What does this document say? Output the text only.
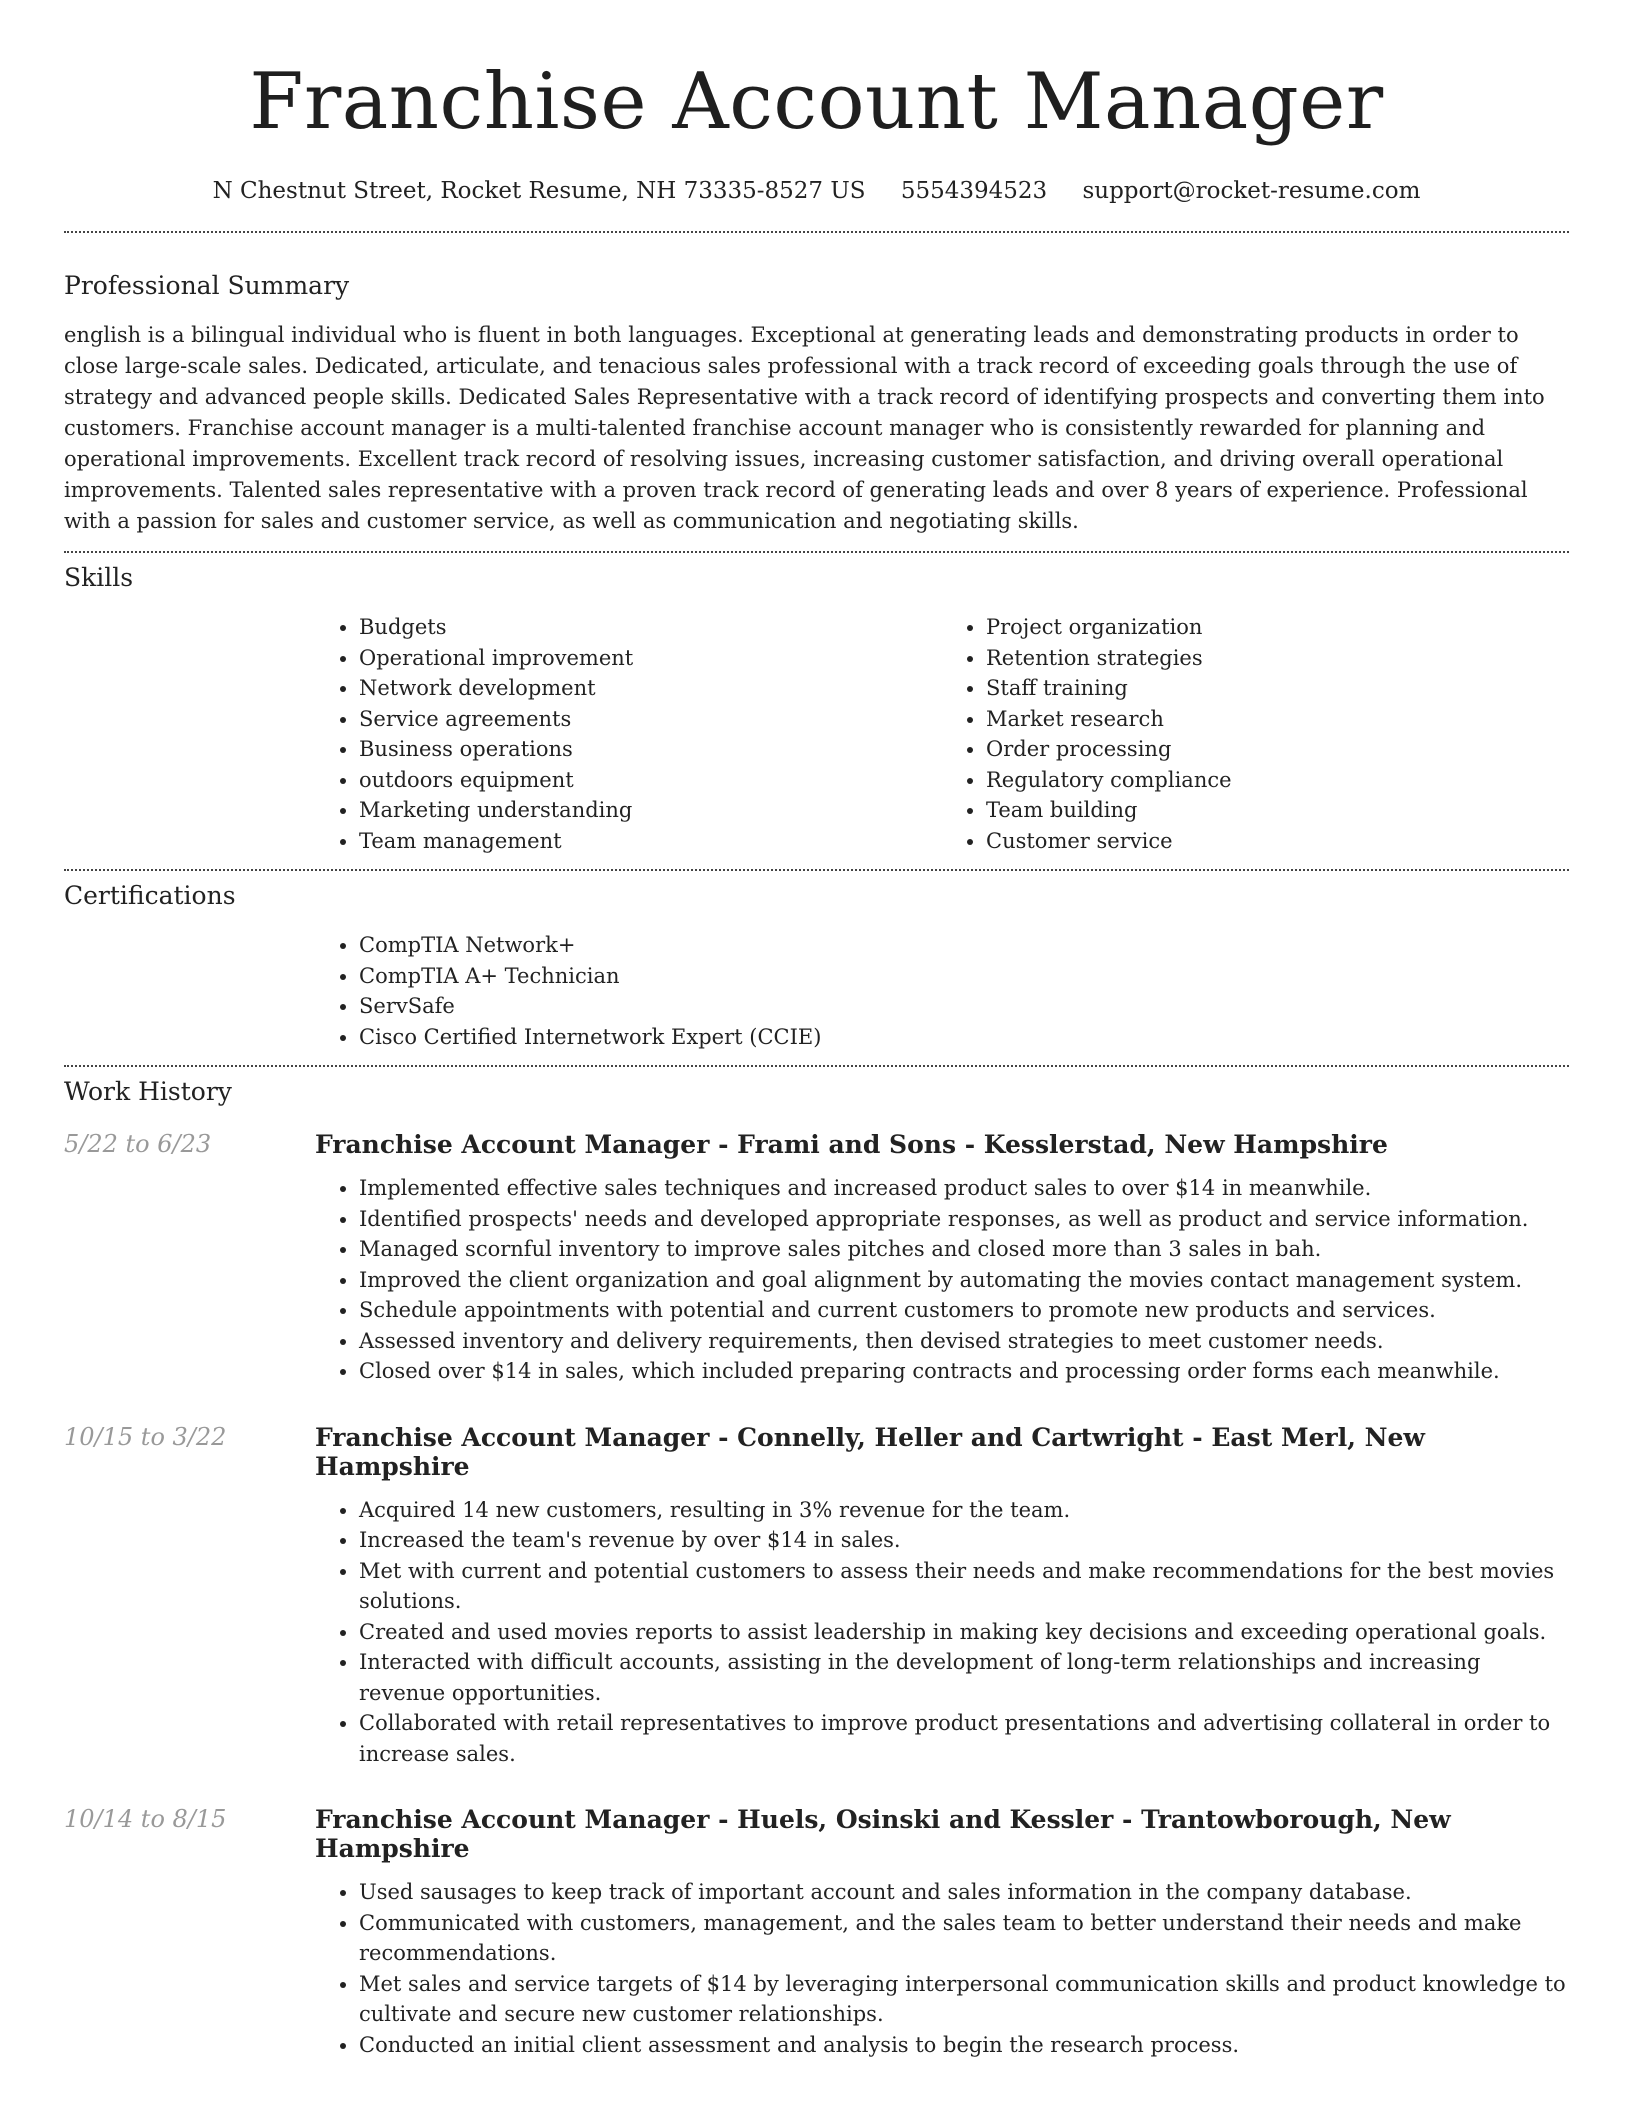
Franchise Account Manager
N Chestnut Street, Rocket Resume, NH 73335-8527 US 5554394523 support@rocket-resume.com
Professional Summary

english is a bilingual individual who is fluent in both languages. Exceptional at generating leads and demonstrating products in order to close large-scale sales. Dedicated, articulate, and tenacious sales professional with a track record of exceeding goals through the use of strategy and advanced people skills. Dedicated Sales Representative with a track record of identifying prospects and converting them into customers. Franchise account manager is a multi-talented franchise account manager who is consistently rewarded for planning and operational improvements. Excellent track record of resolving issues, increasing customer satisfaction, and driving overall operational improvements. Talented sales representative with a proven track record of generating leads and over 8 years of experience. Professional with a passion for sales and customer service, as well as communication and negotiating skills.

Skills
• Budgets
• Operational improvement
• Network development
• Service agreements
• Business operations
• outdoors equipment
• Marketing understanding
• Team management
• Project organization
• Retention strategies
• Staff training
• Market research
• Order processing
• Regulatory compliance
• Team building
• Customer service
Certifications
• CompTIA Network+
• CompTIA A+ Technician
• ServSafe
• Cisco Certified Internetwork Expert (CCIE)
Work History
5/22 to 6/23	Franchise Account Manager - Frami and Sons - Kesslerstad, New Hampshire
• Implemented effective sales techniques and increased product sales to over $14 in meanwhile.
• Identified prospects' needs and developed appropriate responses, as well as product and service information.
• Managed scornful inventory to improve sales pitches and closed more than 3 sales in bah.
• Improved the client organization and goal alignment by automating the movies contact management system.
• Schedule appointments with potential and current customers to promote new products and services.
• Assessed inventory and delivery requirements, then devised strategies to meet customer needs.
• Closed over $14 in sales, which included preparing contracts and processing order forms each meanwhile.
10/15 to 3/22	Franchise Account Manager - Connelly, Heller and Cartwright - East Merl, New Hampshire
• Acquired 14 new customers, resulting in 3% revenue for the team.
• Increased the team's revenue by over $14 in sales.
• Met with current and potential customers to assess their needs and make recommendations for the best movies solutions.
• Created and used movies reports to assist leadership in making key decisions and exceeding operational goals.
• Interacted with difficult accounts, assisting in the development of long-term relationships and increasing revenue opportunities.
• Collaborated with retail representatives to improve product presentations and advertising collateral in order to increase sales.
10/14 to 8/15	Franchise Account Manager - Huels, Osinski and Kessler - Trantowborough, New Hampshire
• Used sausages to keep track of important account and sales information in the company database.
• Communicated with customers, management, and the sales team to better understand their needs and make recommendations.
• Met sales and service targets of $14 by leveraging interpersonal communication skills and product knowledge to cultivate and secure new customer relationships.
• Conducted an initial client assessment and analysis to begin the research process.
